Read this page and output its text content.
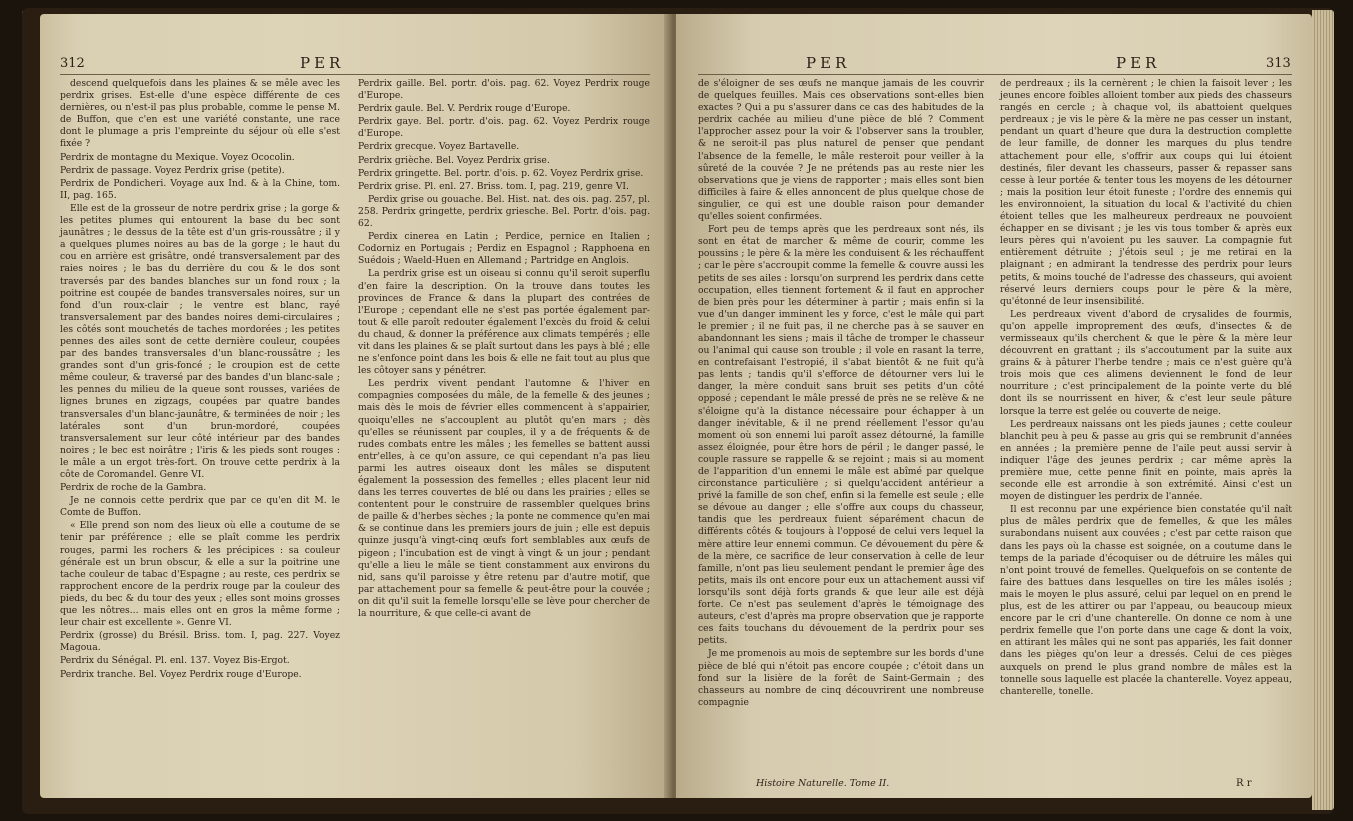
312	PER

descend quelquefois dans les plaines & se mêle avec les perdrix grises. Est-elle d'une espèce différente de ces dernières, ou n'est-il pas plus probable, comme le pense M. de Buffon, que c'en est une variété constante, une race dont le plumage a pris l'empreinte du séjour où elle s'est fixée ?

Perdrix de montagne du Mexique. Voyez Ococolin.

Perdrix de passage. Voyez Perdrix grise (petite).

Perdrix de Pondicheri. Voyage aux Ind. & à la Chine, tom. II, pag. 165.

Elle est de la grosseur de notre perdrix grise ; la gorge & les petites plumes qui entourent la base du bec sont jaunâtres ; le dessus de la tête est d'un gris-roussâtre ; il y a quelques plumes noires au bas de la gorge ; le haut du cou en arrière est grisâtre, ondé transversalement par des raies noires ; le bas du derrière du cou & le dos sont traversés par des bandes blanches sur un fond roux ; la poitrine est coupée de bandes transversales noires, sur un fond d'un roux-clair ; le ventre est blanc, rayé transversalement par des bandes noires demi-circulaires ; les côtés sont mouchetés de taches mordorées ; les petites pennes des ailes sont de cette dernière couleur, coupées par des bandes transversales d'un blanc-roussâtre ; les grandes sont d'un gris-foncé ; le croupion est de cette même couleur, & traversé par des bandes d'un blanc-sale ; les pennes du milieu de la queue sont rousses, variées de lignes brunes en zigzags, coupées par quatre bandes transversales d'un blanc-jaunâtre, & terminées de noir ; les latérales sont d'un brun-mordoré, coupées transversalement sur leur côté intérieur par des bandes noires ; le bec est noirâtre ; l'iris & les pieds sont rouges : le mâle a un ergot très-fort. On trouve cette perdrix à la côte de Coromandel. Genre VI.

Perdrix de roche de la Gambra.

Je ne connois cette perdrix que par ce qu'en dit M. le Comte de Buffon.

« Elle prend son nom des lieux où elle a coutume de se tenir par préférence ; elle se plaît comme les perdrix rouges, parmi les rochers & les précipices : sa couleur générale est un brun obscur, & elle a sur la poitrine une tache couleur de tabac d'Espagne ; au reste, ces perdrix se rapprochent encore de la perdrix rouge par la couleur des pieds, du bec & du tour des yeux ; elles sont moins grosses que les nôtres... mais elles ont en gros la même forme ; leur chair est excellente ». Genre VI.

Perdrix (grosse) du Brésil. Briss. tom. I, pag. 227. Voyez Magoua.

Perdrix du Sénégal. Pl. enl. 137. Voyez Bis-Ergot.

Perdrix tranche. Bel. Voyez Perdrix rouge d'Europe.

Perdrix gaille. Bel. portr. d'ois. pag. 62. Voyez Perdrix rouge d'Europe.

Perdrix gaule. Bel. V. Perdrix rouge d'Europe.

Perdrix gaye. Bel. portr. d'ois. pag. 62. Voyez Perdrix rouge d'Europe.

Perdrix grecque. Voyez Bartavelle.

Perdrix grièche. Bel. Voyez Perdrix grise.

Perdrix gringette. Bel. portr. d'ois. p. 62. Voyez Perdrix grise.

Perdrix grise. Pl. enl. 27. Briss. tom. I, pag. 219, genre VI.

Perdix grise ou gouache. Bel. Hist. nat. des ois. pag. 257, pl. 258. Perdrix gringette, perdrix griesche. Bel. Portr. d'ois. pag. 62.

Perdix cinerea en Latin ; Perdice, pernice en Italien ; Codorniz en Portugais ; Perdiz en Espagnol ; Rapphoena en Suédois ; Waeld-Huen en Allemand ; Partridge en Anglois.

La perdrix grise est un oiseau si connu qu'il seroit superflu d'en faire la description. On la trouve dans toutes les provinces de France & dans la plupart des contrées de l'Europe ; cependant elle ne s'est pas portée également par-tout & elle paroît redouter également l'excès du froid & celui du chaud, & donner la préférence aux climats tempérés ; elle vit dans les plaines & se plaît surtout dans les pays à blé ; elle ne s'enfonce point dans les bois & elle ne fait tout au plus que les côtoyer sans y pénétrer.

Les perdrix vivent pendant l'automne & l'hiver en compagnies composées du mâle, de la femelle & des jeunes ; mais dès le mois de février elles commencent à s'appairier, quoiqu'elles ne s'accouplent au plutôt qu'en mars ; dès qu'elles se réunissent par couples, il y a de fréquents & de rudes combats entre les mâles ; les femelles se battent aussi entr'elles, à ce qu'on assure, ce qui cependant n'a pas lieu parmi les autres oiseaux dont les mâles se disputent également la possession des femelles ; elles placent leur nid dans les terres couvertes de blé ou dans les prairies ; elles se contentent pour le construire de rassembler quelques brins de paille & d'herbes sèches ; la ponte ne commence qu'en mai & se continue dans les premiers jours de juin ; elle est depuis quinze jusqu'à vingt-cinq œufs fort semblables aux œufs de pigeon ; l'incubation est de vingt à vingt & un jour ; pendant qu'elle a lieu le mâle se tient constamment aux environs du nid, sans qu'il paroisse y être retenu par d'autre motif, que par attachement pour sa femelle & peut-être pour la couvée ; on dit qu'il suit la femelle lorsqu'elle se lève pour chercher de la nourriture, & que celle-ci avant de

PER	PER	313

de s'éloigner de ses œufs ne manque jamais de les couvrir de quelques feuilles. Mais ces observations sont-elles bien exactes ? Qui a pu s'assurer dans ce cas des habitudes de la perdrix cachée au milieu d'une pièce de blé ? Comment l'approcher assez pour la voir & l'observer sans la troubler, & ne seroit-il pas plus naturel de penser que pendant l'absence de la femelle, le mâle resteroit pour veiller à la sûreté de la couvée ? Je ne prétends pas au reste nier les observations que je viens de rapporter ; mais elles sont bien difficiles à faire & elles annoncent de plus quelque chose de singulier, ce qui est une double raison pour demander qu'elles soient confirmées.

Fort peu de temps après que les perdreaux sont nés, ils sont en état de marcher & même de courir, comme les poussins ; le père & la mère les conduisent & les réchauffent ; car le père s'accroupit comme la femelle & couvre aussi les petits de ses ailes : lorsqu'on surprend les perdrix dans cette occupation, elles tiennent fortement & il faut en approcher de bien près pour les déterminer à partir ; mais enfin si la vue d'un danger imminent les y force, c'est le mâle qui part le premier ; il ne fuit pas, il ne cherche pas à se sauver en abandonnant les siens ; mais il tâche de tromper le chasseur ou l'animal qui cause son trouble ; il vole en rasant la terre, en contrefaisant l'estropié, il s'abat bientôt & ne fuit qu'à pas lents ; tandis qu'il s'efforce de détourner vers lui le danger, la mère conduit sans bruit ses petits d'un côté opposé ; cependant le mâle pressé de près ne se relève & ne s'éloigne qu'à la distance nécessaire pour échapper à un danger inévitable, & il ne prend réellement l'essor qu'au moment où son ennemi lui paroît assez détourné, la famille assez éloignée, pour être hors de péril ; le danger passé, le couple rassure se rappelle & se rejoint ; mais si au moment de l'apparition d'un ennemi le mâle est abîmé par quelque circonstance particulière ; si quelqu'accident antérieur a privé la famille de son chef, enfin si la femelle est seule ; elle se dévoue au danger ; elle s'offre aux coups du chasseur, tandis que les perdreaux fuient séparément chacun de différents côtés & toujours à l'opposé de celui vers lequel la mère attire leur ennemi commun. Ce dévouement du père & de la mère, ce sacrifice de leur conservation à celle de leur famille, n'ont pas lieu seulement pendant le premier âge des petits, mais ils ont encore pour eux un attachement aussi vif lorsqu'ils sont déjà forts grands & que leur aile est déjà forte. Ce n'est pas seulement d'après le témoignage des auteurs, c'est d'après ma propre observation que je rapporte ces faits touchans du dévouement de la perdrix pour ses petits.

Je me promenois au mois de septembre sur les bords d'une pièce de blé qui n'étoit pas encore coupée ; c'étoit dans un fond sur la lisière de la forêt de Saint-Germain ; des chasseurs au nombre de cinq découvrirent une nombreuse compagnie

Histoire Naturelle. Tome II.

de perdreaux ; ils la cernèrent ; le chien la faisoit lever ; les jeunes encore foibles alloient tomber aux pieds des chasseurs rangés en cercle ; à chaque vol, ils abattoient quelques perdreaux ; je vis le père & la mère ne pas cesser un instant, pendant un quart d'heure que dura la destruction complette de leur famille, de donner les marques du plus tendre attachement pour elle, s'offrir aux coups qui lui étoient destinés, filer devant les chasseurs, passer & repasser sans cesse à leur portée & tenter tous les moyens de les détourner ; mais la position leur étoit funeste ; l'ordre des ennemis qui les environnoient, la situation du local & l'activité du chien étoient telles que les malheureux perdreaux ne pouvoient échapper en se divisant ; je les vis tous tomber & après eux leurs pères qui n'avoient pu les sauver. La compagnie fut entièrement détruite ; j'étois seul ; je me retirai en la plaignant ; en admirant la tendresse des perdrix pour leurs petits, & moins touché de l'adresse des chasseurs, qui avoient réservé leurs derniers coups pour le père & la mère, qu'étonné de leur insensibilité.

Les perdreaux vivent d'abord de crysalides de fourmis, qu'on appelle improprement des œufs, d'insectes & de vermisseaux qu'ils cherchent & que le père & la mère leur découvrent en grattant ; ils s'accoutument par la suite aux grains & à pâturer l'herbe tendre ; mais ce n'est guère qu'à trois mois que ces alimens deviennent le fond de leur nourriture ; c'est principalement de la pointe verte du blé dont ils se nourrissent en hiver, & c'est leur seule pâture lorsque la terre est gelée ou couverte de neige.

Les perdreaux naissans ont les pieds jaunes ; cette couleur blanchit peu à peu & passe au gris qui se rembrunit d'années en années ; la première penne de l'aile peut aussi servir à indiquer l'âge des jeunes perdrix ; car même après la première mue, cette penne finit en pointe, mais après la seconde elle est arrondie à son extrémité. Ainsi c'est un moyen de distinguer les perdrix de l'année.

Il est reconnu par une expérience bien constatée qu'il naît plus de mâles perdrix que de femelles, & que les mâles surabondans nuisent aux couvées ; c'est par cette raison que dans les pays où la chasse est soignée, on a coutume dans le temps de la pariade d'écoquiser ou de détruire les mâles qui n'ont point trouvé de femelles. Quelquefois on se contente de faire des battues dans lesquelles on tire les mâles isolés ; mais le moyen le plus assuré, celui par lequel on en prend le plus, est de les attirer ou par l'appeau, ou beaucoup mieux encore par le cri d'une chanterelle. On donne ce nom à une perdrix femelle que l'on porte dans une cage & dont la voix, en attirant les mâles qui ne sont pas appariés, les fait donner dans les pièges qu'on leur a dressés. Celui de ces pièges auxquels on prend le plus grand nombre de mâles est la tonnelle sous laquelle est placée la chanterelle. Voyez appeau, chanterelle, tonelle.

R r
